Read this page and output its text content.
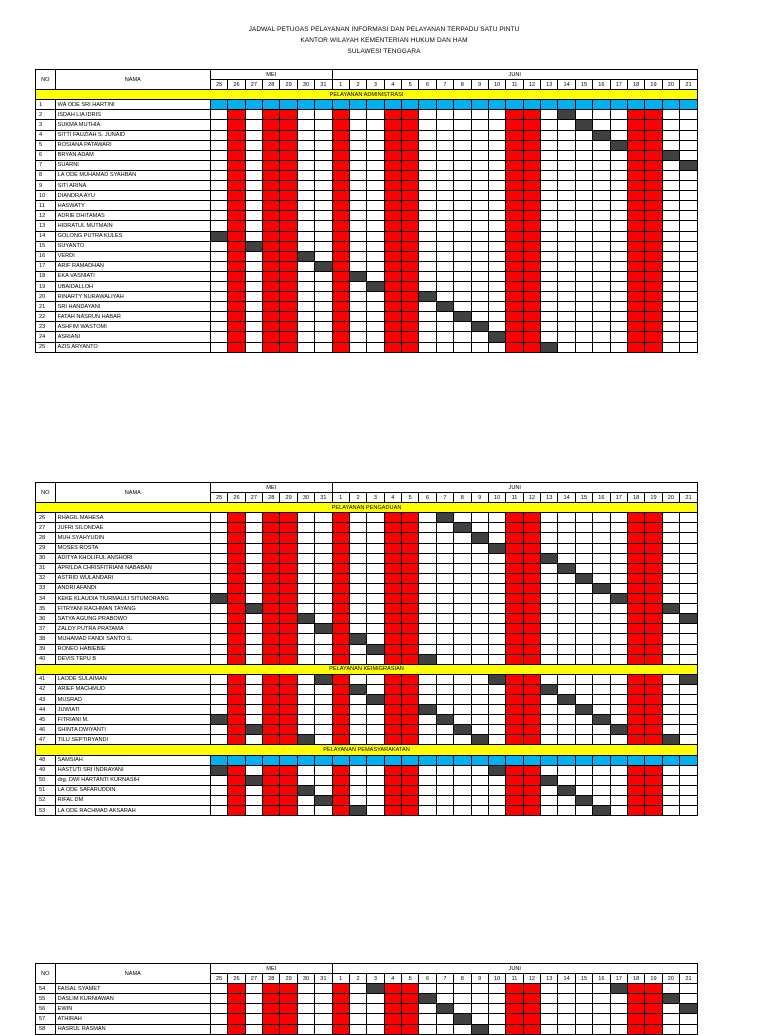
JADWAL PETUGAS PELAYANAN INFORMASI DAN PELAYANAN TERPADU SATU PINTU
KANTOR WILAYAH KEMENTERIAN HUKUM DAN HAM
SULAWESI TENGGARA
NO	NAMA	MEI							JUNI																				
		25	26	27	28	29	30	31	1	2	3	4	5	6	7	8	9	10	11	12	13	14	15	16	17	18	19	20	21
PELAYANAN ADMINISTRASI																													
1	WA ODE SRI HARTINI																												
2	ISDAH LIA IDRIS																												
3	SUKMA MUTHIA																												
4	SITTI FAUZIAH S. JUNAID																												
5	ROSIANA PATAWARI																												
6	BRYAN ADAM																												
7	SUARNI																												
8	LA ODE MUHAMAD SYAHBAN																												
9	SITI ARINA																												
10	DIANDRA AYU																												
11	HASWATY																												
12	ADRIE DHITAMAS																												
13	HIDRATUL MUTMAIN																												
14	GOLONG PUTRA KULES																												
15	SUYANTO																												
16	VERDI																												
17	ARIF RAMADHAN																												
18	EKA VASNIATI																												
19	UBAIDALLOH																												
20	RINARTY NURAWALIYAH																												
21	SRI HANDAYANI																												
22	FATAH NASRUN HABAR																												
23	ASHFIM WASTOMI																												
24	ASRIANI																												
25	AZIS ARYANTO																												
NO	NAMA	MEI							JUNI																				
		25	26	27	28	29	30	31	1	2	3	4	5	6	7	8	9	10	11	12	13	14	15	16	17	18	19	20	21
PELAYANAN PENGADUAN																													
26	RHAGIL MAHESA																												
27	JUFRI SILONDAE																												
28	MUH.SYAHYUDIN																												
29	MOSES ROSTA																												
30	ADITYA KHOLIFUL ANSHORI																												
31	APRILDA CHRISFITRIANI NABABAN																												
32	ASTRID WULANDARI																												
33	ANDRI AFANDI																												
34	KEKE KLAUDIA TIURMAULI SITUMORANG																												
35	FITRYANI RACHMAN TAYANG																												
36	SATYA AGUNG PRABOWO																												
37	ZALDY PUTRA PRATAMA																												
38	MUHAMAD FANDI SANTO S.																												
39	RONEO HABIEBIE																												
40	DEVIS TEPU B																												
PELAYANAN KEIMIGRASIAN																													
41	LAODE SULAIMAN																												
42	ARIEF MACHMUD																												
43	MUSRAD																												
44	JUWIATI																												
45	FITRIANI M.																												
46	SHINTA DWIYANTI																												
47	TILU SEPTIRYANDI																												
PELAYANAN PEMASYARAKATAN																													
48	SAMSIAH																												
49	HASTUTI SRI INDRAYANI																												
50	drg. DWI HARTANTI KURNASIH																												
51	LA ODE SAFARUDDIN																												
52	RIFAL DM																												
53	LA ODE RACHMAD AKSARAH																												
NO	NAMA	MEI							JUNI																				
		25	26	27	28	29	30	31	1	2	3	4	5	6	7	8	9	10	11	12	13	14	15	16	17	18	19	20	21
54	FAISAL SYAMET																												
55	DASLIM KURNIAWAN																												
56	EWIN																												
57	ATHIRAH																												
58	HASRUL RASMAN																												
